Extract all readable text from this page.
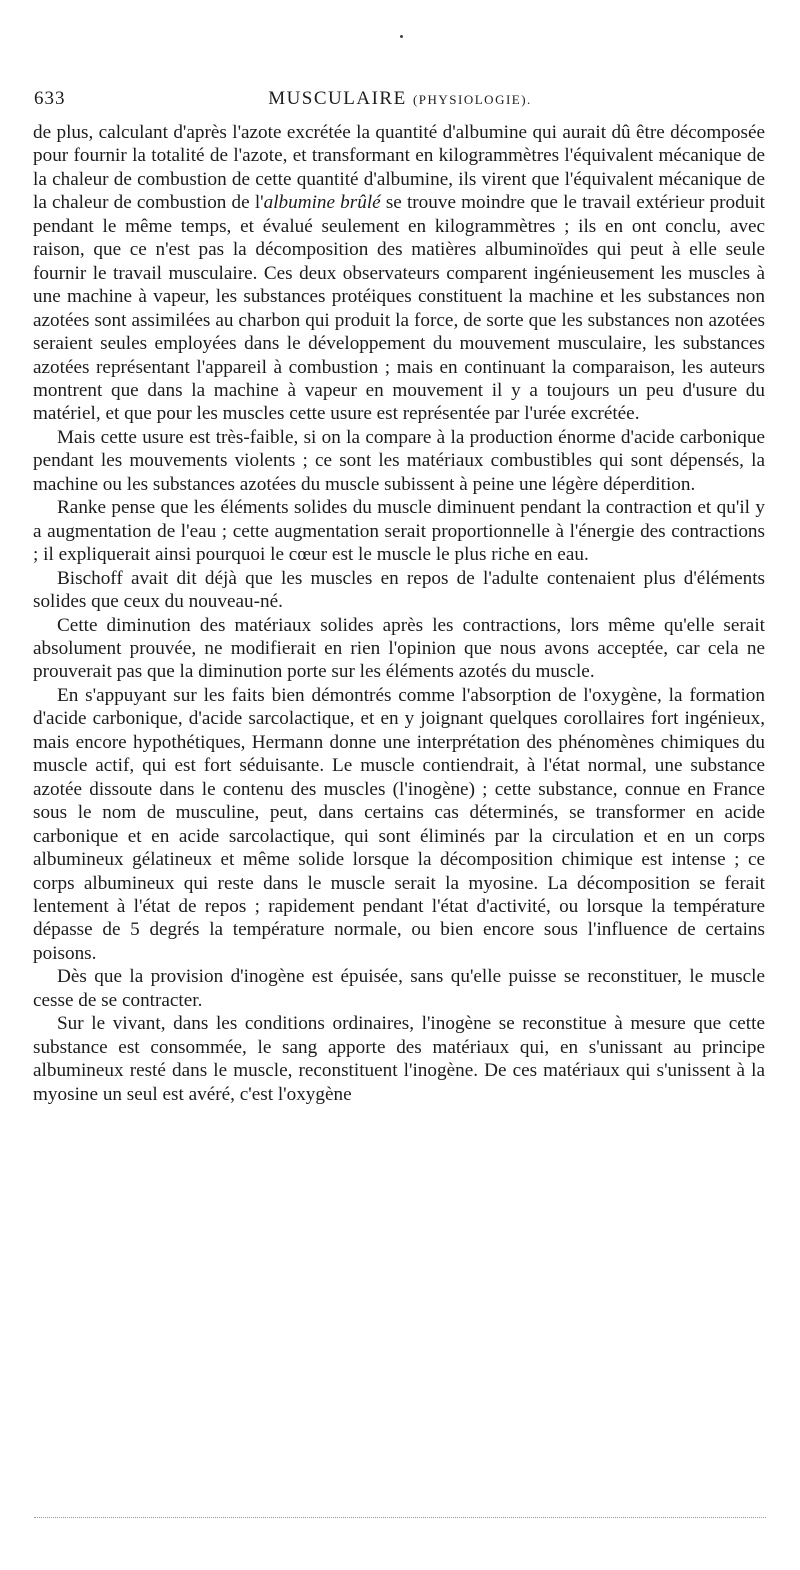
633	MUSCULAIRE (PHYSIOLOGIE).

de plus, calculant d'après l'azote excrétée la quantité d'albumine qui aurait dû être décomposée pour fournir la totalité de l'azote, et transformant en kilogrammètres l'équivalent mécanique de la chaleur de combustion de cette quantité d'albumine, ils virent que l'équivalent mécanique de la chaleur de combustion de l'albumine brûlé se trouve moindre que le travail extérieur produit pendant le même temps, et évalué seulement en kilogrammètres ; ils en ont conclu, avec raison, que ce n'est pas la décomposition des matières albuminoïdes qui peut à elle seule fournir le travail musculaire. Ces deux observateurs comparent ingénieusement les muscles à une machine à vapeur, les substances protéiques constituent la machine et les substances non azotées sont assimilées au charbon qui produit la force, de sorte que les substances non azotées seraient seules employées dans le développement du mouvement musculaire, les substances azotées représentant l'appareil à combustion ; mais en continuant la comparaison, les auteurs montrent que dans la machine à vapeur en mouvement il y a toujours un peu d'usure du matériel, et que pour les muscles cette usure est représentée par l'urée excrétée.

Mais cette usure est très-faible, si on la compare à la production énorme d'acide carbonique pendant les mouvements violents ; ce sont les matériaux combustibles qui sont dépensés, la machine ou les substances azotées du muscle subissent à peine une légère déperdition.

Ranke pense que les éléments solides du muscle diminuent pendant la contraction et qu'il y a augmentation de l'eau ; cette augmentation serait proportionnelle à l'énergie des contractions ; il expliquerait ainsi pourquoi le cœur est le muscle le plus riche en eau.

Bischoff avait dit déjà que les muscles en repos de l'adulte contenaient plus d'éléments solides que ceux du nouveau-né.

Cette diminution des matériaux solides après les contractions, lors même qu'elle serait absolument prouvée, ne modifierait en rien l'opinion que nous avons acceptée, car cela ne prouverait pas que la diminution porte sur les éléments azotés du muscle.

En s'appuyant sur les faits bien démontrés comme l'absorption de l'oxygène, la formation d'acide carbonique, d'acide sarcolactique, et en y joignant quelques corollaires fort ingénieux, mais encore hypothétiques, Hermann donne une interprétation des phénomènes chimiques du muscle actif, qui est fort séduisante. Le muscle contiendrait, à l'état normal, une substance azotée dissoute dans le contenu des muscles (l'inogène) ; cette substance, connue en France sous le nom de musculine, peut, dans certains cas déterminés, se transformer en acide carbonique et en acide sarcolactique, qui sont éliminés par la circulation et en un corps albumineux gélatineux et même solide lorsque la décomposition chimique est intense ; ce corps albumineux qui reste dans le muscle serait la myosine. La décomposition se ferait lentement à l'état de repos ; rapidement pendant l'état d'activité, ou lorsque la température dépasse de 5 degrés la température normale, ou bien encore sous l'influence de certains poisons.

Dès que la provision d'inogène est épuisée, sans qu'elle puisse se reconstituer, le muscle cesse de se contracter.

Sur le vivant, dans les conditions ordinaires, l'inogène se reconstitue à mesure que cette substance est consommée, le sang apporte des matériaux qui, en s'unissant au principe albumineux resté dans le muscle, reconstituent l'inogène. De ces matériaux qui s'unissent à la myosine un seul est avéré, c'est l'oxygène
